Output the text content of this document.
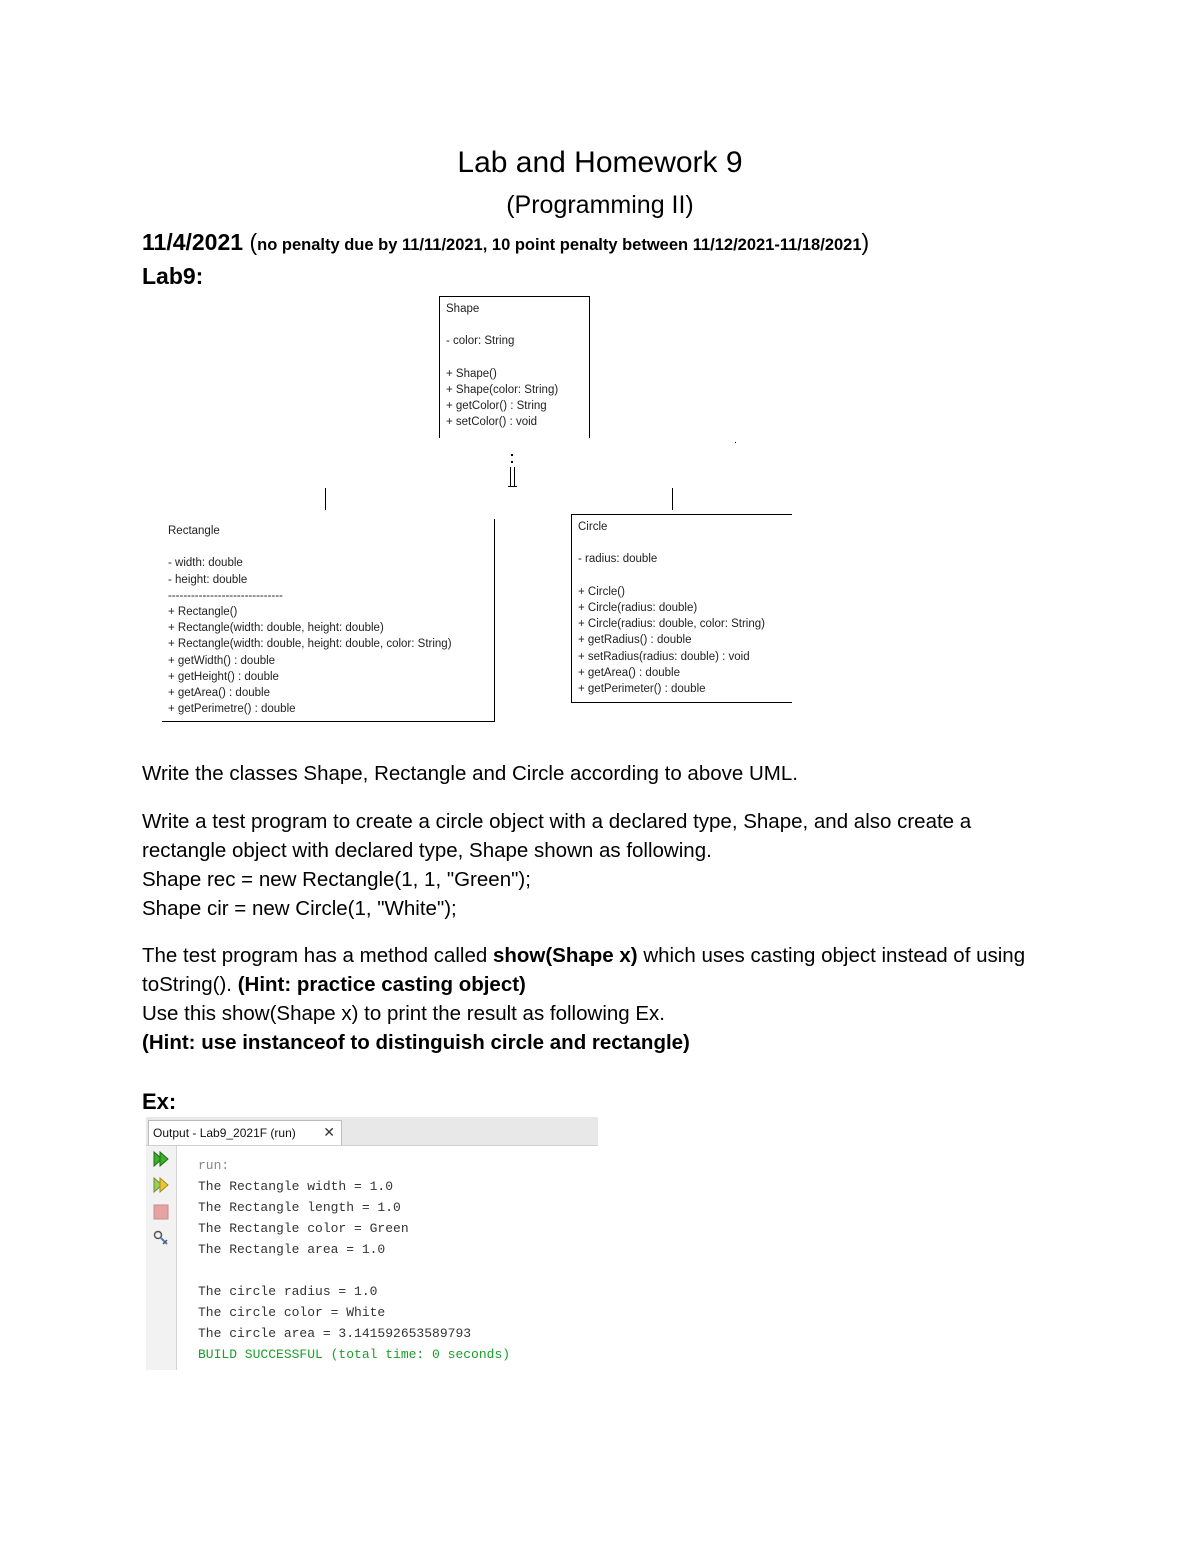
Lab and Homework 9
(Programming II)
11/4/2021 (no penalty due by 11/11/2021, 10 point penalty between 11/12/2021-11/18/2021)
Lab9:
Shape
- color: String
+ Shape()
+ Shape(color: String)
+ getColor() : String
+ setColor() : void
Rectangle
- width: double
- height: double
------------------------------
+ Rectangle()
+ Rectangle(width: double, height: double)
+ Rectangle(width: double, height: double, color: String)
+ getWidth() : double
+ getHeight() : double
+ getArea() : double
+ getPerimetre() : double
Circle
- radius: double
+ Circle()
+ Circle(radius: double)
+ Circle(radius: double, color: String)
+ getRadius() : double
+ setRadius(radius: double) : void
+ getArea() : double
+ getPerimeter() : double
Write the classes Shape, Rectangle and Circle according to above UML.
Write a test program to create a circle object with a declared type, Shape, and also create a
rectangle object with declared type, Shape shown as following.
Shape rec = new Rectangle(1, 1, "Green");
Shape cir = new Circle(1, "White");
The test program has a method called show(Shape x) which uses casting object instead of using
toString(). (Hint: practice casting object)
Use this show(Shape x) to print the result as following Ex.
(Hint: use instanceof to distinguish circle and rectangle)
Ex:
Output - Lab9_2021F (run) ✕
run:
The Rectangle width = 1.0
The Rectangle length = 1.0
The Rectangle color = Green
The Rectangle area = 1.0

The circle radius = 1.0
The circle color = White
The circle area = 3.141592653589793
BUILD SUCCESSFUL (total time: 0 seconds)
